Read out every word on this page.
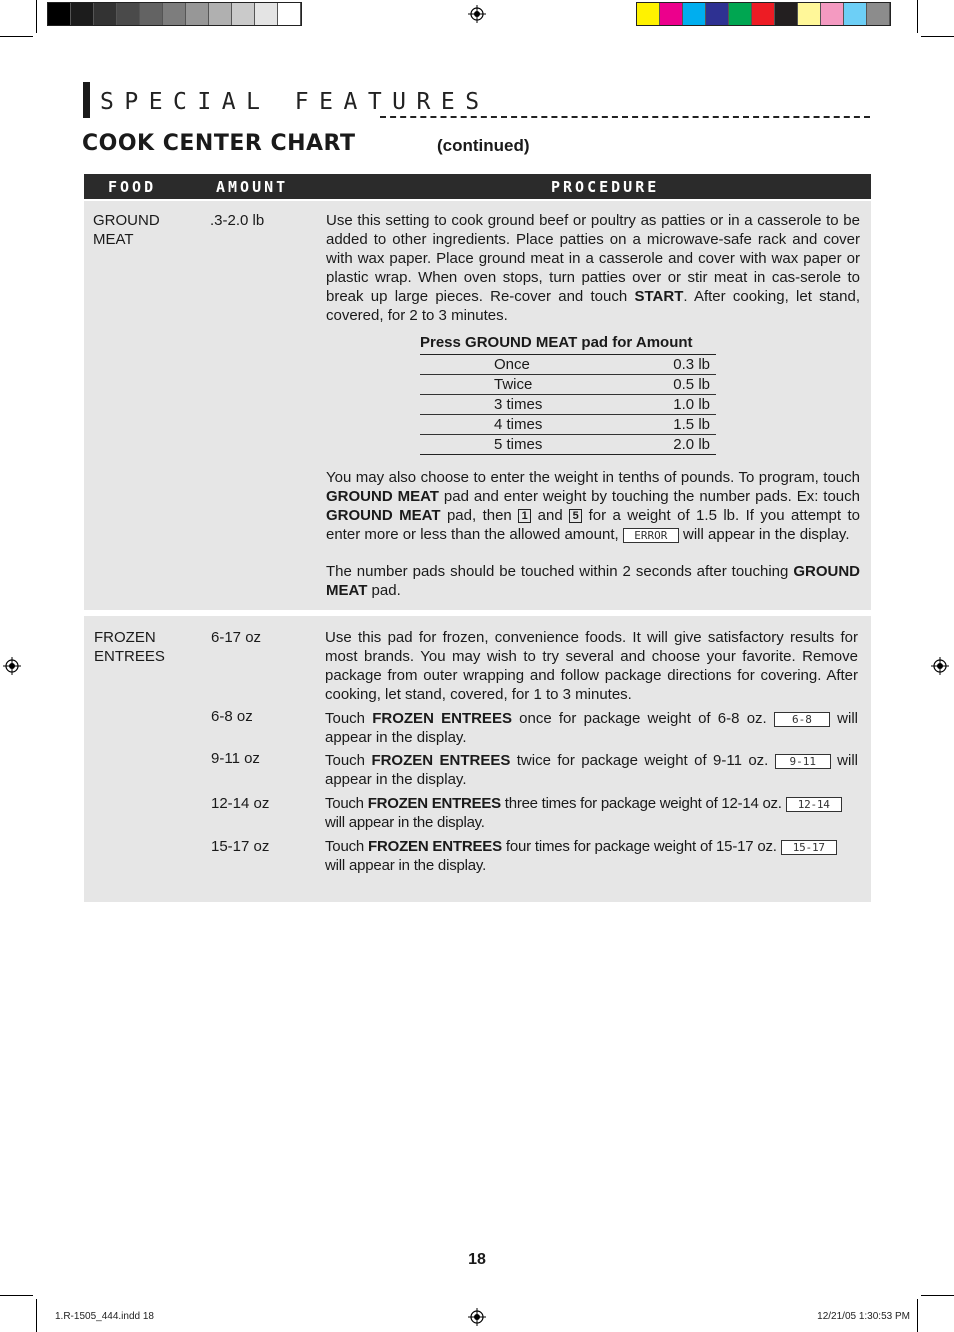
SPECIAL FEATURES
COOK CENTER CHART	(continued)
FOOD	AMOUNT	PROCEDURE
GROUND
MEAT
.3-2.0 lb	Use this setting to cook ground beef or poultry as patties or in a casserole to be added to other ingredients. Place patties on a microwave-safe rack and cover with wax paper. Place ground meat in a casserole and cover with wax paper or plastic wrap. When oven stops, turn patties over or stir meat in cas-serole to break up large pieces. Re-cover and touch START. After cooking, let stand, covered, for 2 to 3 minutes.
Press GROUND MEAT pad for Amount
Once	0.3 lb
Twice	0.5 lb
3 times	1.0 lb
4 times	1.5 lb
5 times	2.0 lb
You may also choose to enter the weight in tenths of pounds. To program, touch GROUND MEAT pad and enter weight by touching the number pads. Ex: touch GROUND MEAT pad, then 1 and 5 for a weight of 1.5 lb. If you attempt to enter more or less than the allowed amount, ERROR will appear in the display.
The number pads should be touched within 2 seconds after touching GROUND MEAT pad.
FROZEN
ENTREES
6-17 oz	Use this pad for frozen, convenience foods. It will give satisfactory results for most brands. You may wish to try several and choose your favorite. Remove package from outer wrapping and follow package directions for covering. After cooking, let stand, covered, for 1 to 3 minutes.
6-8 oz	Touch FROZEN ENTREES once for package weight of 6-8 oz. 6-8 will appear in the display.
9-11 oz	Touch FROZEN ENTREES twice for package weight of 9-11 oz. 9-11 will appear in the display.
12-14 oz	Touch FROZEN ENTREES three times for package weight of 12-14 oz. 12-14
will appear in the display.
15-17 oz	Touch FROZEN ENTREES four times for package weight of 15-17 oz. 15-17
will appear in the display.
18
1.R-1505_444.indd 18	12/21/05 1:30:53 PM
